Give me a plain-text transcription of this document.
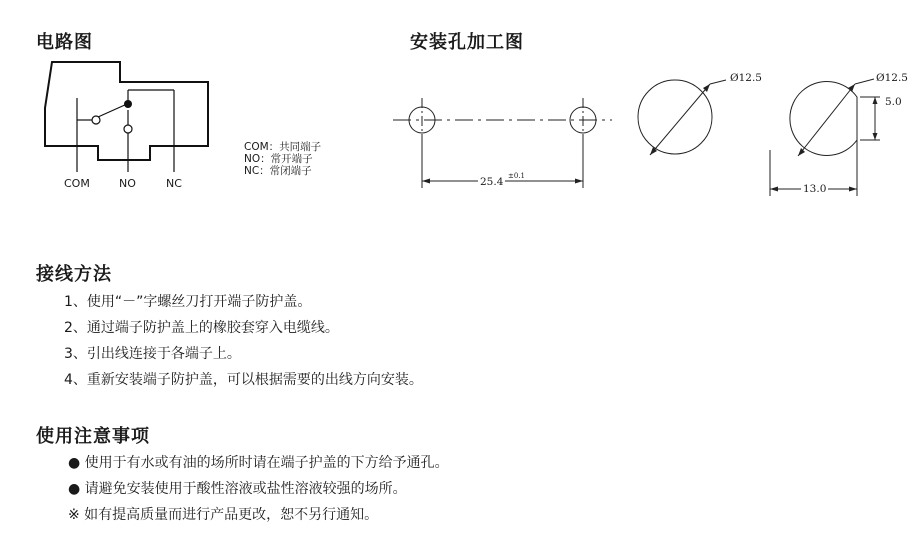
电路图
COM	NO	NC
COM：共同端子
NO：常开端子
NC：常闭端子
安装孔加工图
25.4 ±0.1
Ø12.5	Ø12.5
5.0
13.0
接线方法
1、使用“－”字螺丝刀打开端子防护盖。
2、通过端子防护盖上的橡胶套穿入电缆线。
3、引出线连接于各端子上。
4、重新安装端子防护盖，可以根据需要的出线方向安装。
使用注意事项
● 使用于有水或有油的场所时请在端子护盖的下方给予通孔。
● 请避免安装使用于酸性溶液或盐性溶液较强的场所。
※ 如有提高质量而进行产品更改，恕不另行通知。
